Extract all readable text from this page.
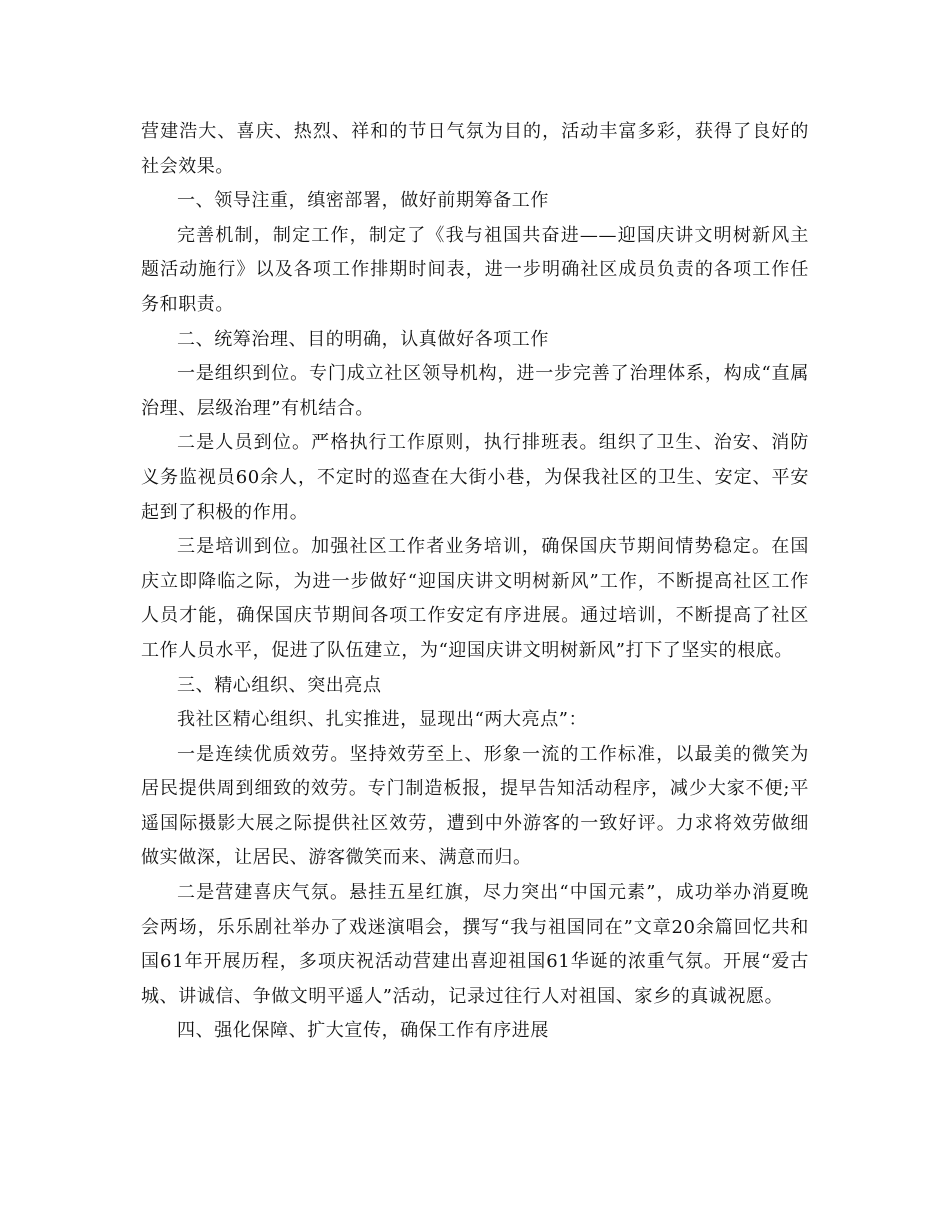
营建浩大、喜庆、热烈、祥和的节日气氛为目的，活动丰富多彩，获得了良好的社会效果。

一、领导注重，缜密部署，做好前期筹备工作

完善机制，制定工作，制定了《我与祖国共奋进——迎国庆讲文明树新风主题活动施行》以及各项工作排期时间表，进一步明确社区成员负责的各项工作任务和职责。

二、统筹治理、目的明确，认真做好各项工作

一是组织到位。专门成立社区领导机构，进一步完善了治理体系，构成“直属治理、层级治理”有机结合。

二是人员到位。严格执行工作原则，执行排班表。组织了卫生、治安、消防义务监视员60余人，不定时的巡查在大街小巷，为保我社区的卫生、安定、平安起到了积极的作用。

三是培训到位。加强社区工作者业务培训，确保国庆节期间情势稳定。在国庆立即降临之际，为进一步做好“迎国庆讲文明树新风”工作，不断提高社区工作人员才能，确保国庆节期间各项工作安定有序进展。通过培训，不断提高了社区工作人员水平，促进了队伍建立，为“迎国庆讲文明树新风”打下了坚实的根底。

三、精心组织、突出亮点

我社区精心组织、扎实推进，显现出“两大亮点”：

一是连续优质效劳。坚持效劳至上、形象一流的工作标准，以最美的微笑为居民提供周到细致的效劳。专门制造板报，提早告知活动程序，减少大家不便;平遥国际摄影大展之际提供社区效劳，遭到中外游客的一致好评。力求将效劳做细做实做深，让居民、游客微笑而来、满意而归。

二是营建喜庆气氛。悬挂五星红旗，尽力突出“中国元素”，成功举办消夏晚会两场，乐乐剧社举办了戏迷演唱会，撰写“我与祖国同在”文章20余篇回忆共和国61年开展历程，多项庆祝活动营建出喜迎祖国61华诞的浓重气氛。开展“爱古城、讲诚信、争做文明平遥人”活动，记录过往行人对祖国、家乡的真诚祝愿。

四、强化保障、扩大宣传，确保工作有序进展
